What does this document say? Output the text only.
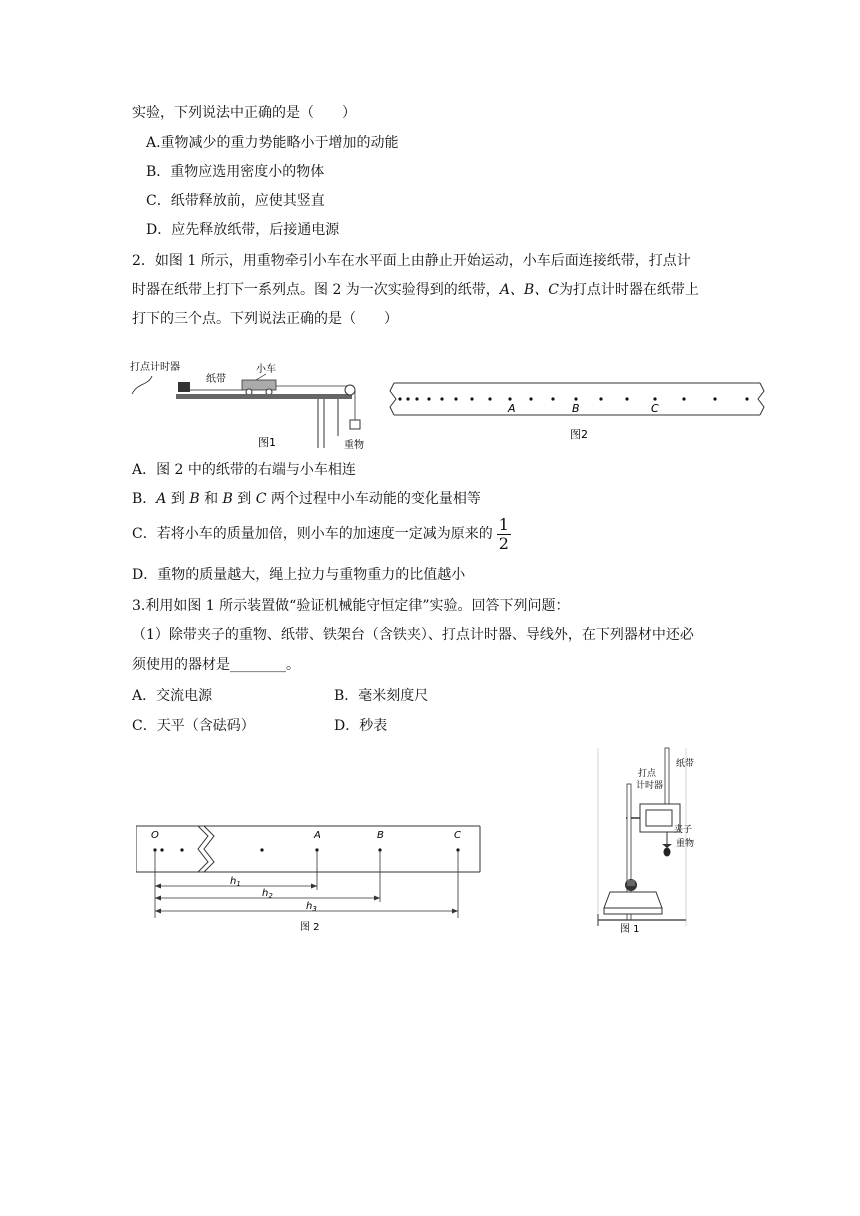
实验，下列说法中正确的是（　　）
A.重物减少的重力势能略小于增加的动能
B．重物应选用密度小的物体
C．纸带释放前，应使其竖直
D．应先释放纸带，后接通电源
2．如图 1 所示，用重物牵引小车在水平面上由静止开始运动，小车后面连接纸带，打点计
时器在纸带上打下一系列点。图 2 为一次实验得到的纸带，A、B、C为打点计时器在纸带上
打下的三个点。下列说法正确的是（　　）
打点计时器
纸带
小车
重物
图1
A	B	C
图2
A．图 2 中的纸带的右端与小车相连
B．A 到 B 和 B 到 C 两个过程中小车动能的变化量相等
C．若将小车的质量加倍，则小车的加速度一定减为原来的 $\frac{1}{2}$
D．重物的质量越大，绳上拉力与重物重力的比值越小
3.利用如图 1 所示装置做“验证机械能守恒定律”实验。回答下列问题：
（1）除带夹子的重物、纸带、铁架台（含铁夹）、打点计时器、导线外，在下列器材中还必
须使用的器材是________。
A．交流电源	B．毫米刻度尺
C．天平（含砝码）	D．秒表
O	A	B	C
$h_1$
$h_2$
$h_3$
图 2
纸带
打点
计时器
夹子
重物
图 1
